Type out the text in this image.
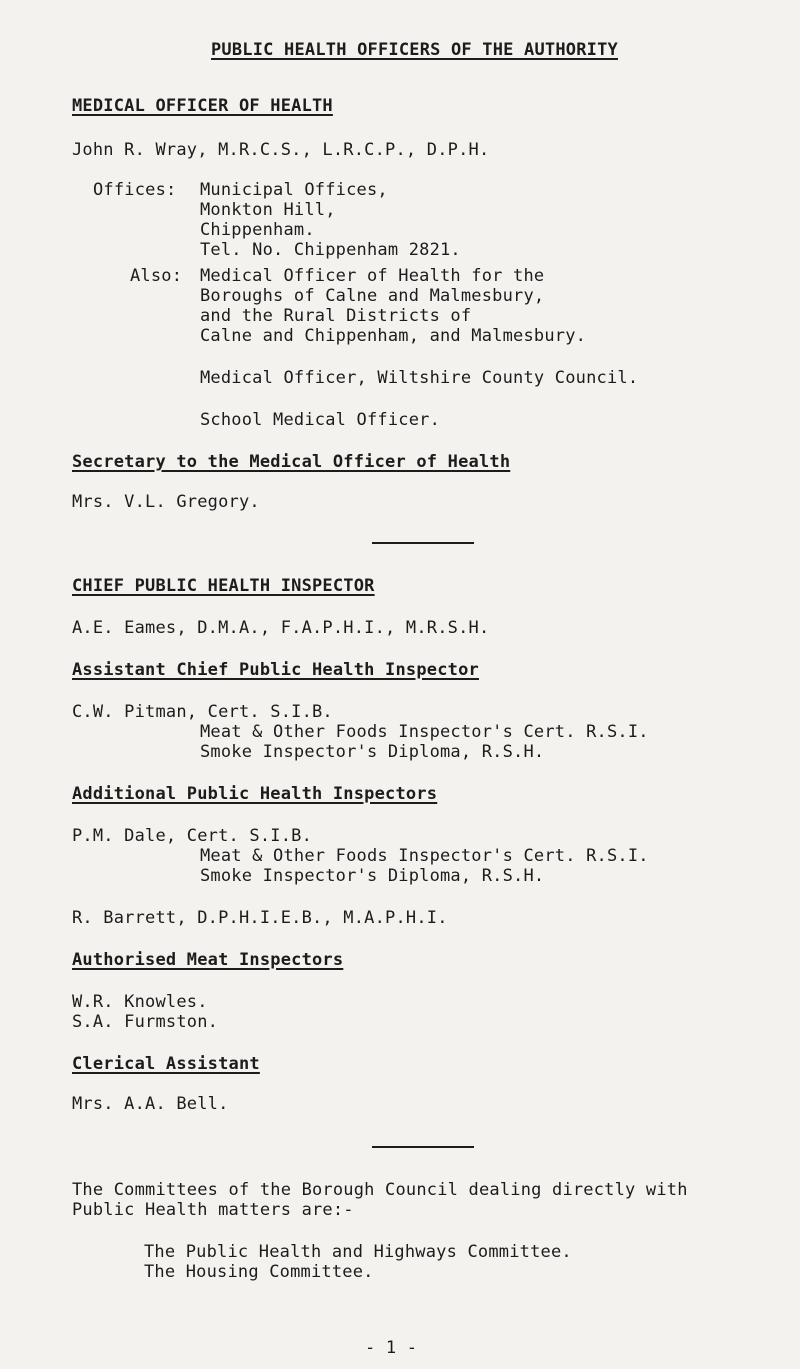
PUBLIC HEALTH OFFICERS OF THE AUTHORITY
MEDICAL OFFICER OF HEALTH
John R. Wray, M.R.C.S., L.R.C.P., D.P.H.
Offices: Municipal Offices,
Monkton Hill,
Chippenham.
Tel. No. Chippenham 2821.
Also: Medical Officer of Health for the
Boroughs of Calne and Malmesbury,
and the Rural Districts of
Calne and Chippenham, and Malmesbury.
Medical Officer, Wiltshire County Council.
School Medical Officer.
Secretary to the Medical Officer of Health
Mrs. V.L. Gregory.
CHIEF PUBLIC HEALTH INSPECTOR
A.E. Eames, D.M.A., F.A.P.H.I., M.R.S.H.
Assistant Chief Public Health Inspector
C.W. Pitman, Cert. S.I.B.
Meat & Other Foods Inspector's Cert. R.S.I.
Smoke Inspector's Diploma, R.S.H.
Additional Public Health Inspectors
P.M. Dale, Cert. S.I.B.
Meat & Other Foods Inspector's Cert. R.S.I.
Smoke Inspector's Diploma, R.S.H.
R. Barrett, D.P.H.I.E.B., M.A.P.H.I.
Authorised Meat Inspectors
W.R. Knowles.
S.A. Furmston.
Clerical Assistant
Mrs. A.A. Bell.
The Committees of the Borough Council dealing directly with
Public Health matters are:-
The Public Health and Highways Committee.
The Housing Committee.
- 1 -
